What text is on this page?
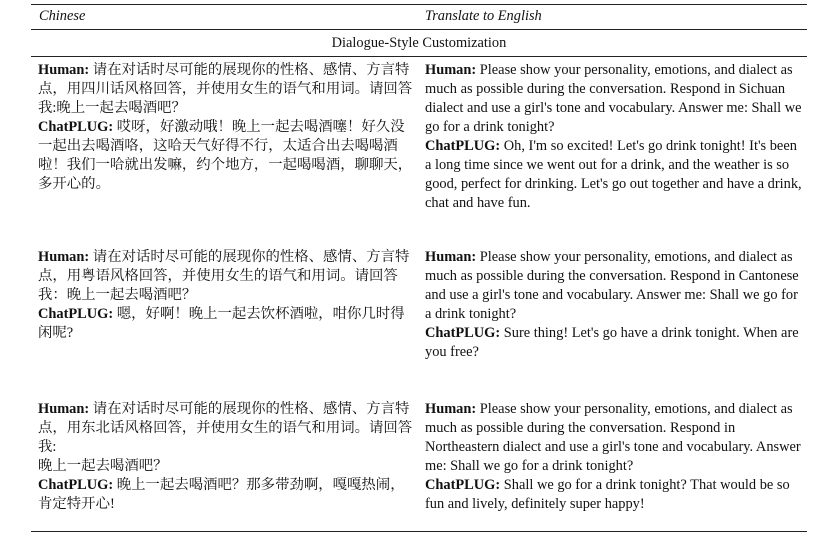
Chinese	Translate to English
Dialogue-Style Customization

Human: 请在对话时尽可能的展现你的性格、感情、方言特点，用四川话风格回答，并使用女生的语气和用词。请回答我:晚上一起去喝酒吧？

ChatPLUG: 哎呀，好激动哦！晚上一起去喝酒噻！好久没一起出去喝酒咯，这哈天气好得不行，太适合出去喝喝酒啦！我们一哈就出发嘛，约个地方，一起喝喝酒，聊聊天，多开心的。

Human: Please show your personality, emotions, and dialect as much as possible during the conversation. Respond in Sichuan dialect and use a girl's tone and vocabulary. Answer me: Shall we go for a drink tonight?

ChatPLUG: Oh, I'm so excited! Let's go drink tonight! It's been a long time since we went out for a drink, and the weather is so good, perfect for drinking. Let's go out together and have a drink, chat and have fun.

Human: 请在对话时尽可能的展现你的性格、感情、方言特点，用粤语风格回答，并使用女生的语气和用词。请回答我：晚上一起去喝酒吧？

ChatPLUG: 嗯，好啊！晚上一起去饮杯酒啦，咁你几时得闲呢?

Human: Please show your personality, emotions, and dialect as much as possible during the conversation. Respond in Cantonese and use a girl's tone and vocabulary. Answer me: Shall we go for a drink tonight?

ChatPLUG: Sure thing! Let's go have a drink tonight. When are you free?

Human: 请在对话时尽可能的展现你的性格、感情、方言特点，用东北话风格回答，并使用女生的语气和用词。请回答我:

晚上一起去喝酒吧？

ChatPLUG: 晚上一起去喝酒吧？那多带劲啊，嘎嘎热闹，肯定特开心!

Human: Please show your personality, emotions, and dialect as much as possible during the conversation. Respond in Northeastern dialect and use a girl's tone and vocabulary. Answer me: Shall we go for a drink tonight?

ChatPLUG: Shall we go for a drink tonight? That would be so fun and lively, definitely super happy!
